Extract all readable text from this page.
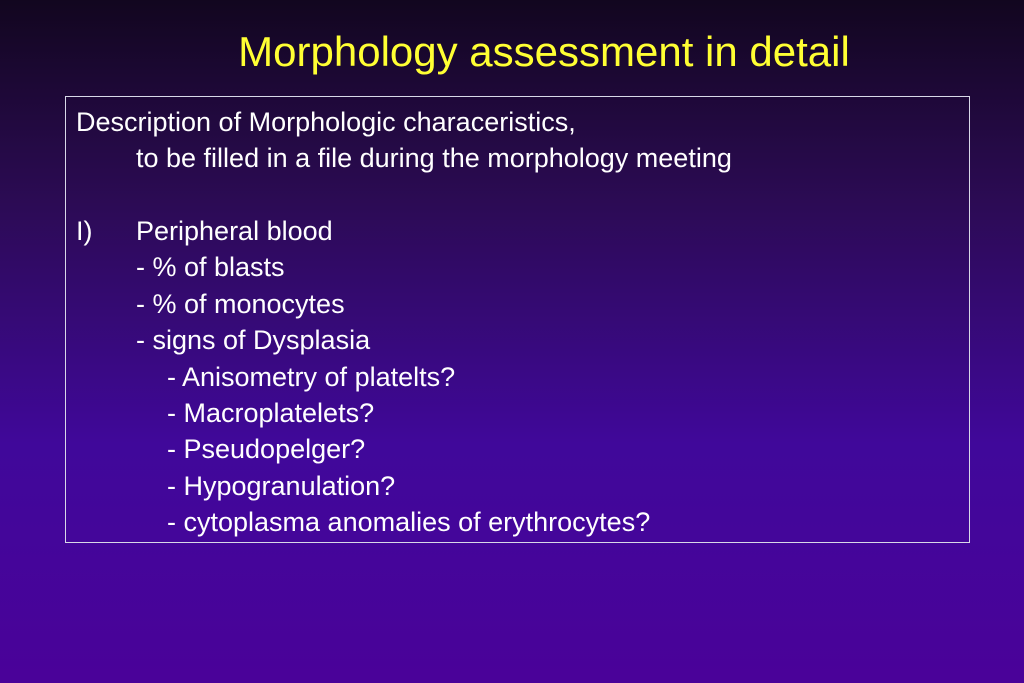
Morphology assessment in detail
Description of Morphologic characeristics,
to be filled in a file during the morphology meeting
I) Peripheral blood
- % of blasts
- % of monocytes
- signs of Dysplasia
- Anisometry of platelts?
- Macroplatelets?
- Pseudopelger?
- Hypogranulation?
- cytoplasma anomalies of erythrocytes?
